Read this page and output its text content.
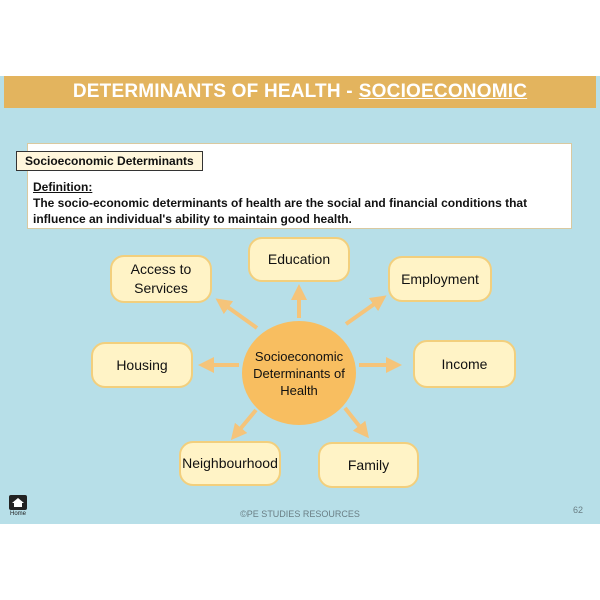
DETERMINANTS OF HEALTH - SOCIOECONOMIC
Socioeconomic Determinants
Definition:
The socio-economic determinants of health are the social and financial conditions that influence an individual's ability to maintain good health.
Access to Services
Education
Employment
Housing	Income
Neighbourhood	Family
Socioeconomic Determinants of Health
Home	©PE STUDIES RESOURCES	62
